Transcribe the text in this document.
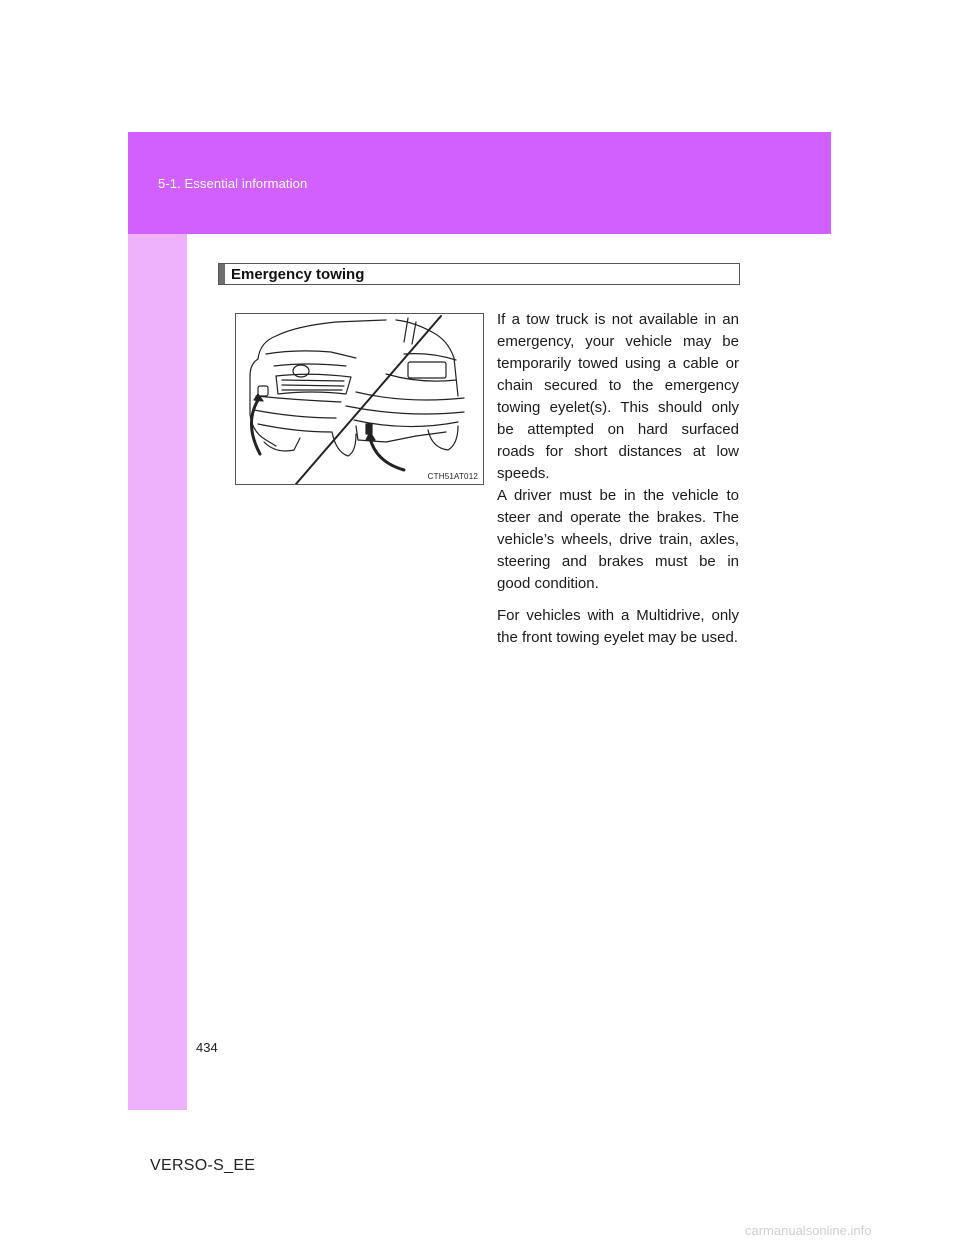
5-1. Essential information
Emergency towing
CTH51AT012

If a tow truck is not available in an emergency, your vehicle may be temporarily towed using a cable or chain secured to the emergency towing eyelet(s). This should only be attempted on hard surfaced roads for short distances at low speeds.

A driver must be in the vehicle to steer and operate the brakes. The vehicle’s wheels, drive train, axles, steering and brakes must be in good condition.

For vehicles with a Multidrive, only the front towing eyelet may be used.

434
VERSO-S_EE
carmanualsonline.info
